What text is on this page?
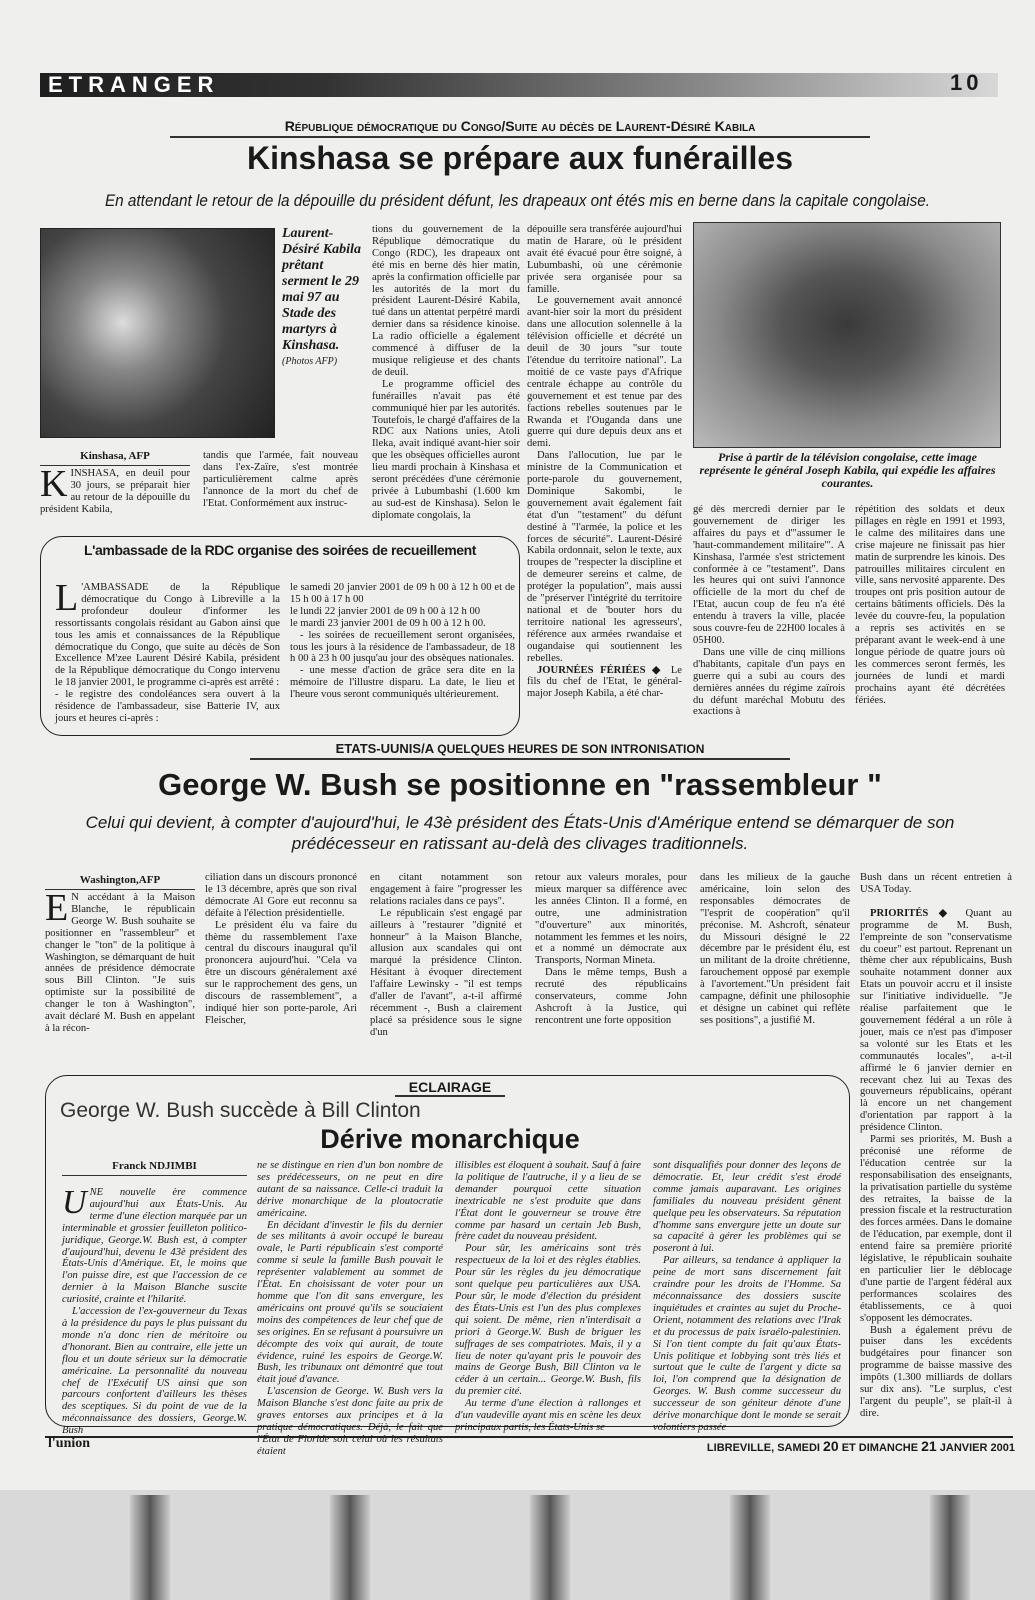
ETRANGER	10
République démocratique du Congo/Suite au décès de Laurent-Désiré Kabila
Kinshasa se prépare aux funérailles
En attendant le retour de la dépouille du président défunt, les drapeaux ont étés mis en berne dans la capitale congolaise.
Laurent-Désiré Kabila prêtant serment le 29 mai 97 au Stade des martyrs à Kinshasa.
(Photos AFP)
Kinshasa, AFP
KINSHASA, en deuil pour 30 jours, se préparait hier au retour de la dépouille du président Kabila,
tandis que l'armée, fait nouveau dans l'ex-Zaïre, s'est montrée particulièrement calme après l'annonce de la mort du chef de l'Etat. Conformément aux instruc-

tions du gouvernement de la République démocratique du Congo (RDC), les drapeaux ont été mis en berne dès hier matin, après la confirmation officielle par les autorités de la mort du président Laurent-Désiré Kabila, tué dans un attentat perpétré mardi dernier dans sa résidence kinoise. La radio officielle a également commencé à diffuser de la musique religieuse et des chants de deuil.

Le programme officiel des funérailles n'avait pas été communiqué hier par les autorités. Toutefois, le chargé d'affaires de la RDC aux Nations unies, Atoli Ileka, avait indiqué avant-hier soir que les obsèques officielles auront lieu mardi prochain à Kinshasa et seront précédées d'une cérémonie privée à Lubumbashi (1.600 km au sud-est de Kinshasa). Selon le diplomate congolais, la

dépouille sera transférée aujourd'hui matin de Harare, où le président avait été évacué pour être soigné, à Lubumbashi, où une cérémonie privée sera organisée pour sa famille.

Le gouvernement avait annoncé avant-hier soir la mort du président dans une allocution solennelle à la télévision officielle et décrété un deuil de 30 jours "sur toute l'étendue du territoire national". La moitié de ce vaste pays d'Afrique centrale échappe au contrôle du gouvernement et est tenue par des factions rebelles soutenues par le Rwanda et l'Ouganda dans une guerre qui dure depuis deux ans et demi.

Dans l'allocution, lue par le ministre de la Communication et porte-parole du gouvernement, Dominique Sakombi, le gouvernement avait également fait état d'un "testament" du défunt destiné à "l'armée, la police et les forces de sécurité". Laurent-Désiré Kabila ordonnait, selon le texte, aux troupes de "respecter la discipline et de demeurer sereins et calme, de protéger la population", mais aussi de "préserver l'intégrité du territoire national et de 'bouter hors du territoire national les agresseurs', référence aux armées rwandaise et ougandaise qui soutiennent les rebelles.

JOURNÉES FÉRIÉES ◆ Le fils du chef de l'Etat, le général-major Joseph Kabila, a été char-

Prise à partir de la télévision congolaise, cette image représente le général Joseph Kabila, qui expédie les affaires courantes.

gé dès mercredi dernier par le gouvernement de diriger les affaires du pays et d'"assumer le 'haut-commandement militaire'". A Kinshasa, l'armée s'est strictement conformée à ce "testament". Dans les heures qui ont suivi l'annonce officielle de la mort du chef de l'Etat, aucun coup de feu n'a été entendu à travers la ville, placée sous couvre-feu de 22H00 locales à 05H00.

Dans une ville de cinq millions d'habitants, capitale d'un pays en guerre qui a subi au cours des dernières années du régime zaïrois du défunt maréchal Mobutu des exactions à

répétition des soldats et deux pillages en règle en 1991 et 1993, le calme des militaires dans une crise majeure ne finissait pas hier matin de surprendre les kinois. Des patrouilles militaires circulent en ville, sans nervosité apparente. Des troupes ont pris position autour de certains bâtiments officiels. Dès la levée du couvre-feu, la population a repris ses activités en se préparant avant le week-end à une longue période de quatre jours où les commerces seront fermés, les journées de lundi et mardi prochains ayant été décrétées fériées.
L'ambassade de la RDC organise des soirées de recueillement
L 'AMBASSADE de la République démocratique du Congo à Libreville a la profondeur douleur d'informer les ressortissants congolais résidant au Gabon ainsi que tous les amis et connaissances de la République démocratique du Congo, que suite au décès de Son Excellence M'zee Laurent Désiré Kabila, président de la République démocratique du Congo intervenu le 18 janvier 2001, le programme ci-après est arrêté :

- le registre des condoléances sera ouvert à la résidence de l'ambassadeur, sise Batterie IV, aux jours et heures ci-après :

le samedi 20 janvier 2001 de 09 h 00 à 12 h 00 et de 15 h 00 à 17 h 00
le lundi 22 janvier 2001 de 09 h 00 à 12 h 00
le mardi 23 janvier 2001 de 09 h 00 à 12 h 00.

- les soirées de recueillement seront organisées, tous les jours à la résidence de l'ambassadeur, de 18 h 00 à 23 h 00 jusqu'au jour des obsèques nationales.

- une messe d'action de grâce sera dite en la mémoire de l'illustre disparu. La date, le lieu et l'heure vous seront communiqués ultérieurement.

ETATS-UUNIS/A QUELQUES HEURES DE SON INTRONISATION
George W. Bush se positionne en "rassembleur "
Celui qui devient, à compter d'aujourd'hui, le 43è président des États-Unis d'Amérique entend se démarquer de son prédécesseur en ratissant au-delà des clivages traditionnels.
Washington,AFP
E N accédant à la Maison Blanche, le républicain George W. Bush souhaite se positionner en "rassembleur" et changer le "ton" de la politique à Washington, se démarquant de huit années de présidence démocrate sous Bill Clinton. "Je suis optimiste sur la possibilité de changer le ton à Washington", avait déclaré M. Bush en appelant à la récon-

ciliation dans un discours prononcé le 13 décembre, après que son rival démocrate Al Gore eut reconnu sa défaite à l'élection présidentielle.

Le président élu va faire du thème du rassemblement l'axe central du discours inaugural qu'il prononcera aujourd'hui. "Cela va être un discours généralement axé sur le rapprochement des gens, un discours de rassemblement", a indiqué hier son porte-parole, Ari Fleischer,

en citant notamment son engagement à faire "progresser les relations raciales dans ce pays".

Le républicain s'est engagé par ailleurs à "restaurer "dignité et honneur" à la Maison Blanche, allusion aux scandales qui ont marqué la présidence Clinton. Hésitant à évoquer directement l'affaire Lewinsky - "il est temps d'aller de l'avant", a-t-il affirmé récemment -, Bush a clairement placé sa présidence sous le signe d'un

retour aux valeurs morales, pour mieux marquer sa différence avec les années Clinton. Il a formé, en outre, une administration "d'ouverture" aux minorités, notamment les femmes et les noirs, et a nommé un démocrate aux Transports, Norman Mineta.

Dans le même temps, Bush a recruté des républicains conservateurs, comme John Ashcroft à la Justice, qui rencontrent une forte opposition

dans les milieux de la gauche américaine, loin selon des responsables démocrates de "l'esprit de coopération" qu'il préconise. M. Ashcroft, sénateur du Missouri désigné le 22 décembre par le président élu, est un militant de la droite chrétienne, farouchement opposé par exemple à l'avortement."Un président fait campagne, définit une philosophie et désigne un cabinet qui reflète ses positions", a justifié M.

Bush dans un récent entretien à USA Today.

PRIORITÉS ◆ Quant au programme de M. Bush, l'empreinte de son "conservatisme du coeur" est partout. Reprenant un thème cher aux républicains, Bush souhaite notamment donner aux Etats un pouvoir accru et il insiste sur l'initiative individuelle. "Je réalise parfaitement que le gouvernement fédéral a un rôle à jouer, mais ce n'est pas d'imposer sa volonté sur les Etats et les communautés locales", a-t-il affirmé le 6 janvier dernier en recevant chez lui au Texas des gouverneurs républicains, opérant là encore un net changement d'orientation par rapport à la présidence Clinton.

Parmi ses priorités, M. Bush a préconisé une réforme de l'éducation centrée sur la responsabilisation des enseignants, la privatisation partielle du système des retraites, la baisse de la pression fiscale et la restructuration des forces armées. Dans le domaine de l'éducation, par exemple, dont il entend faire sa première priorité législative, le républicain souhaite en particulier lier le déblocage d'une partie de l'argent fédéral aux performances scolaires des établissements, ce à quoi s'opposent les démocrates.

Bush a également prévu de puiser dans les excédents budgétaires pour financer son programme de baisse massive des impôts (1.300 milliards de dollars sur dix ans). "Le surplus, c'est l'argent du peuple", se plaît-il à dire.

ECLAIRAGE
George W. Bush succède à Bill Clinton
Dérive monarchique
Franck NDJIMBI
UNE nouvelle ère commence aujourd'hui aux États-Unis. Au terme d'une élection marquée par un interminable et grossier feuilleton politico-juridique, George.W. Bush est, à compter d'aujourd'hui, devenu le 43è président des États-Unis d'Amérique. Et, le moins que l'on puisse dire, est que l'accession de ce dernier à la Maison Blanche suscite curiosité, crainte et l'hilarité.

L'accession de l'ex-gouverneur du Texas à la présidence du pays le plus puissant du monde n'a donc rien de méritoire ou d'honorant. Bien au contraire, elle jette un flou et un doute sérieux sur la démocratie américaine. La personnalité du nouveau chef de l'Exécutif US ainsi que son parcours confortent d'ailleurs les thèses des sceptiques. Si du point de vue de la méconnaissance des dossiers, George.W. Bush

ne se distingue en rien d'un bon nombre de ses prédécesseurs, on ne peut en dire autant de sa naissance. Celle-ci traduit la dérive monarchique de la ploutocratie américaine.

En décidant d'investir le fils du dernier de ses militants à avoir occupé le bureau ovale, le Parti républicain s'est comporté comme si seule la famille Bush pouvait le représenter valablement au sommet de l'État. En choisissant de voter pour un homme que l'on dit sans envergure, les américains ont prouvé qu'ils se souciaient moins des compétences de leur chef que de ses origines. En se refusant à poursuivre un décompte des voix qui aurait, de toute évidence, ruiné les espoirs de George.W. Bush, les tribunaux ont démontré que tout était joué d'avance.

L'ascension de George. W. Bush vers la Maison Blanche s'est donc faite au prix de graves entorses aux principes et à la pratique démocratiques. Déjà, le fait que l'État de Floride soit celui où les résultats étaient

illisibles est éloquent à souhait. Sauf à faire la politique de l'autruche, il y a lieu de se demander pourquoi cette situation inextricable ne s'est produite que dans l'État dont le gouverneur se trouve être comme par hasard un certain Jeb Bush, frère cadet du nouveau président.

Pour sûr, les américains sont très respectueux de la loi et des règles établies. Pour sûr les règles du jeu démocratique sont quelque peu particulières aux USA. Pour sûr, le mode d'élection du président des États-Unis est l'un des plus complexes qui soient. De même, rien n'interdisait a priori à George.W. Bush de briguer les suffrages de ses compatriotes. Mais, il y a lieu de noter qu'ayant pris le pouvoir des mains de George Bush, Bill Clinton va le céder à un certain... George.W. Bush, fils du premier cité.

Au terme d'une élection à rallonges et d'un vaudeville ayant mis en scène les deux principaux partis, les États-Unis se

sont disqualifiés pour donner des leçons de démocratie. Et, leur crédit s'est érodé comme jamais auparavant. Les origines familiales du nouveau président gênent quelque peu les observateurs. Sa réputation d'homme sans envergure jette un doute sur sa capacité à gérer les problèmes qui se poseront à lui.

Par ailleurs, sa tendance à appliquer la peine de mort sans discernement fait craindre pour les droits de l'Homme. Sa méconnaissance des dossiers suscite inquiétudes et craintes au sujet du Proche-Orient, notamment des relations avec l'Irak et du processus de paix israélo-palestinien. Si l'on tient compte du fait qu'aux États-Unis politique et lobbying sont très liés et surtout que le culte de l'argent y dicte sa loi, l'on comprend que la désignation de Georges. W. Bush comme successeur du successeur de son géniteur dénote d'une dérive monarchique dont le monde se serait volontiers passée

l'union	LIBREVILLE, SAMEDI 20 ET DIMANCHE 21 JANVIER 2001
